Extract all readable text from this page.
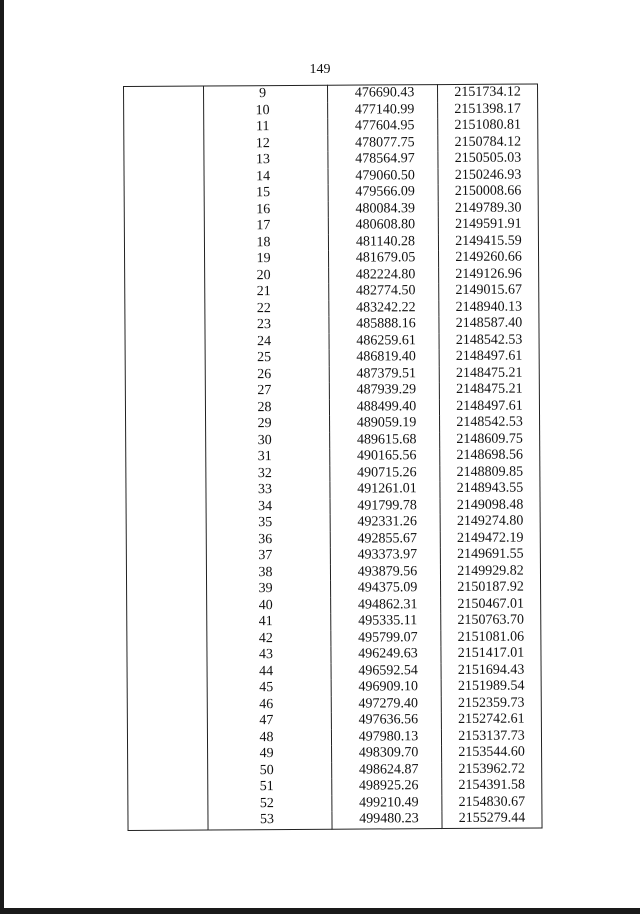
149
	9	476690.43	2151734.12
	10	477140.99	2151398.17
	11	477604.95	2151080.81
	12	478077.75	2150784.12
	13	478564.97	2150505.03
	14	479060.50	2150246.93
	15	479566.09	2150008.66
	16	480084.39	2149789.30
	17	480608.80	2149591.91
	18	481140.28	2149415.59
	19	481679.05	2149260.66
	20	482224.80	2149126.96
	21	482774.50	2149015.67
	22	483242.22	2148940.13
	23	485888.16	2148587.40
	24	486259.61	2148542.53
	25	486819.40	2148497.61
	26	487379.51	2148475.21
	27	487939.29	2148475.21
	28	488499.40	2148497.61
	29	489059.19	2148542.53
	30	489615.68	2148609.75
	31	490165.56	2148698.56
	32	490715.26	2148809.85
	33	491261.01	2148943.55
	34	491799.78	2149098.48
	35	492331.26	2149274.80
	36	492855.67	2149472.19
	37	493373.97	2149691.55
	38	493879.56	2149929.82
	39	494375.09	2150187.92
	40	494862.31	2150467.01
	41	495335.11	2150763.70
	42	495799.07	2151081.06
	43	496249.63	2151417.01
	44	496592.54	2151694.43
	45	496909.10	2151989.54
	46	497279.40	2152359.73
	47	497636.56	2152742.61
	48	497980.13	2153137.73
	49	498309.70	2153544.60
	50	498624.87	2153962.72
	51	498925.26	2154391.58
	52	499210.49	2154830.67
	53	499480.23	2155279.44
